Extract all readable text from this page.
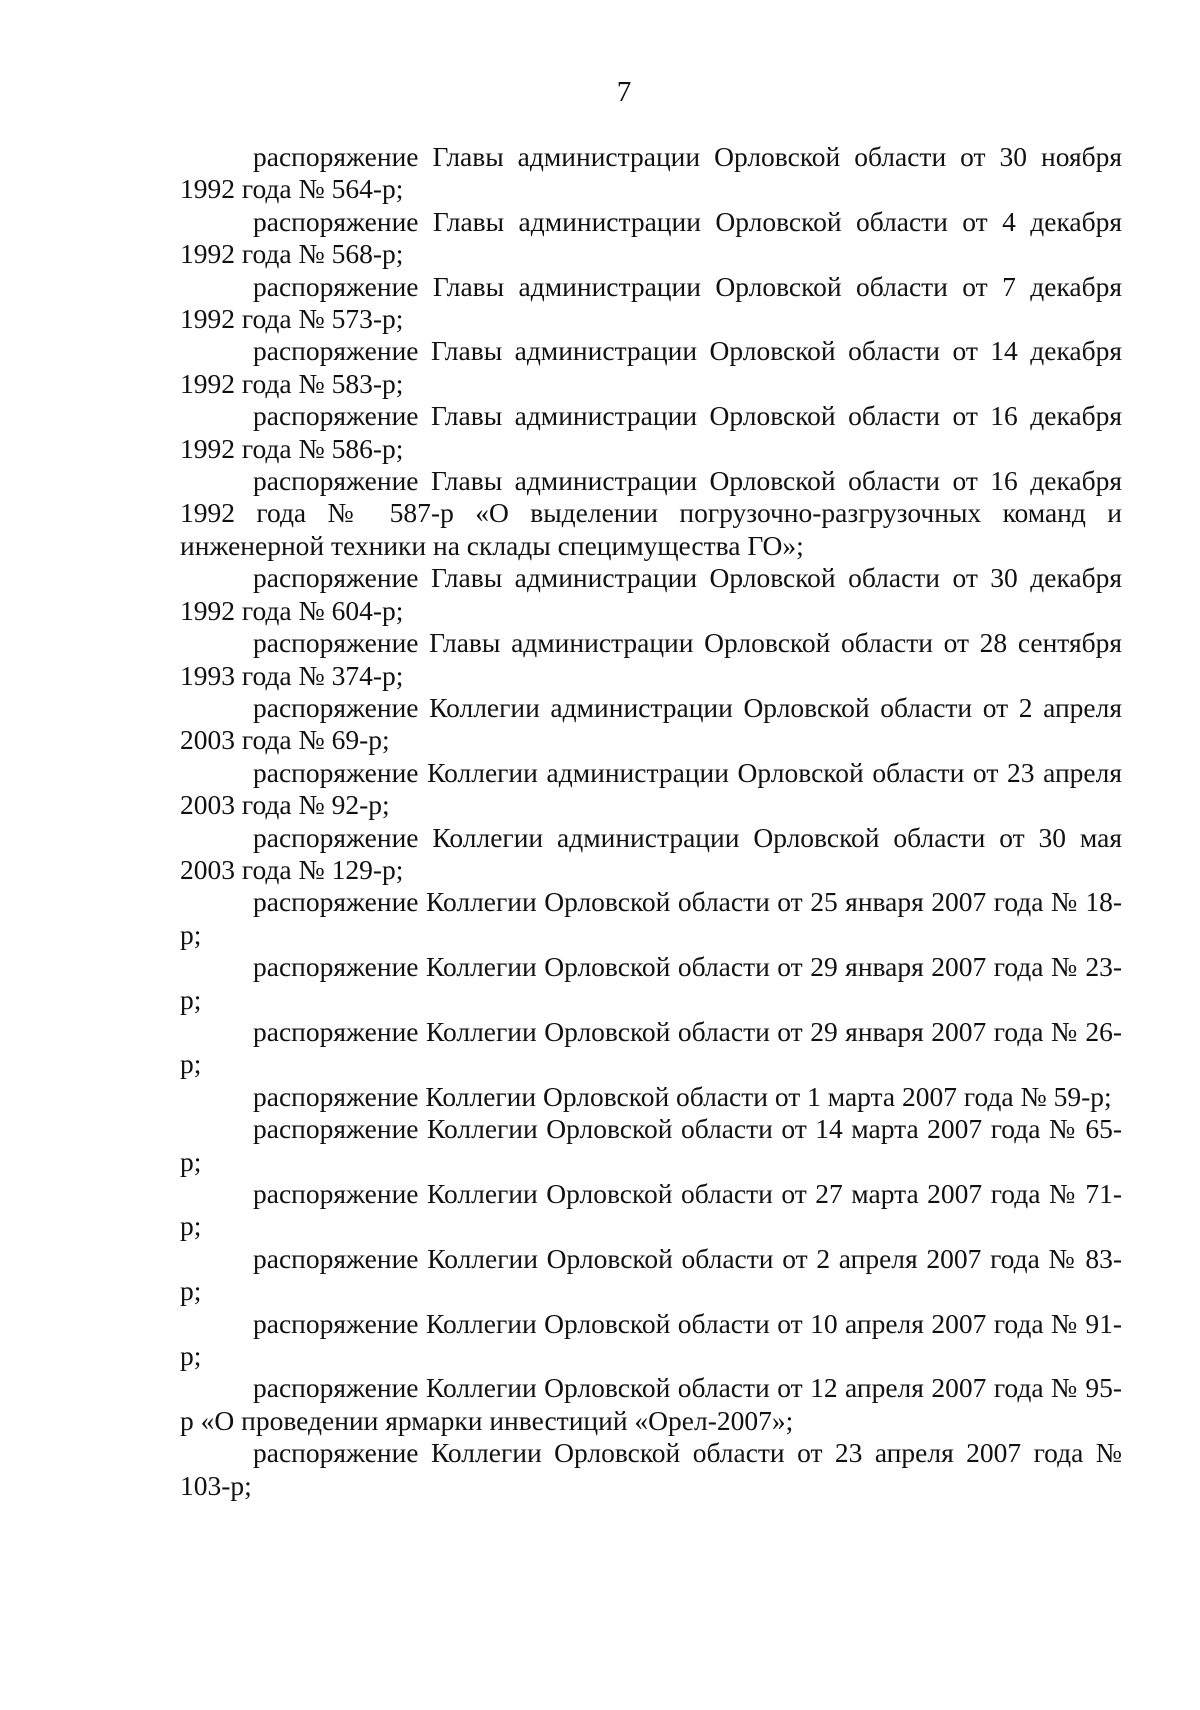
7

распоряжение Главы администрации Орловской области от 30 ноября 1992 года № 564-р;

распоряжение Главы администрации Орловской области от 4 декабря 1992 года № 568-р;

распоряжение Главы администрации Орловской области от 7 декабря 1992 года № 573-р;

распоряжение Главы администрации Орловской области от 14 декабря 1992 года № 583-р;

распоряжение Главы администрации Орловской области от 16 декабря 1992 года № 586-р;

распоряжение Главы администрации Орловской области от 16 декабря 1992 года № 587-р «О выделении погрузочно-разгрузочных команд и инженерной техники на склады специмущества ГО»;

распоряжение Главы администрации Орловской области от 30 декабря 1992 года № 604-р;

распоряжение Главы администрации Орловской области от 28 сентября 1993 года № 374-р;

распоряжение Коллегии администрации Орловской области от 2 апреля 2003 года № 69-р;

распоряжение Коллегии администрации Орловской области от 23 апреля 2003 года № 92-р;

распоряжение Коллегии администрации Орловской области от 30 мая 2003 года № 129-р;

распоряжение Коллегии Орловской области от 25 января 2007 года № 18-р;

распоряжение Коллегии Орловской области от 29 января 2007 года № 23-р;

распоряжение Коллегии Орловской области от 29 января 2007 года № 26-р;

распоряжение Коллегии Орловской области от 1 марта 2007 года № 59-р;

распоряжение Коллегии Орловской области от 14 марта 2007 года № 65-р;

распоряжение Коллегии Орловской области от 27 марта 2007 года № 71-р;

распоряжение Коллегии Орловской области от 2 апреля 2007 года № 83-р;

распоряжение Коллегии Орловской области от 10 апреля 2007 года № 91-р;

распоряжение Коллегии Орловской области от 12 апреля 2007 года № 95-р «О проведении ярмарки инвестиций «Орел-2007»;

распоряжение Коллегии Орловской области от 23 апреля 2007 года № 103-р;
